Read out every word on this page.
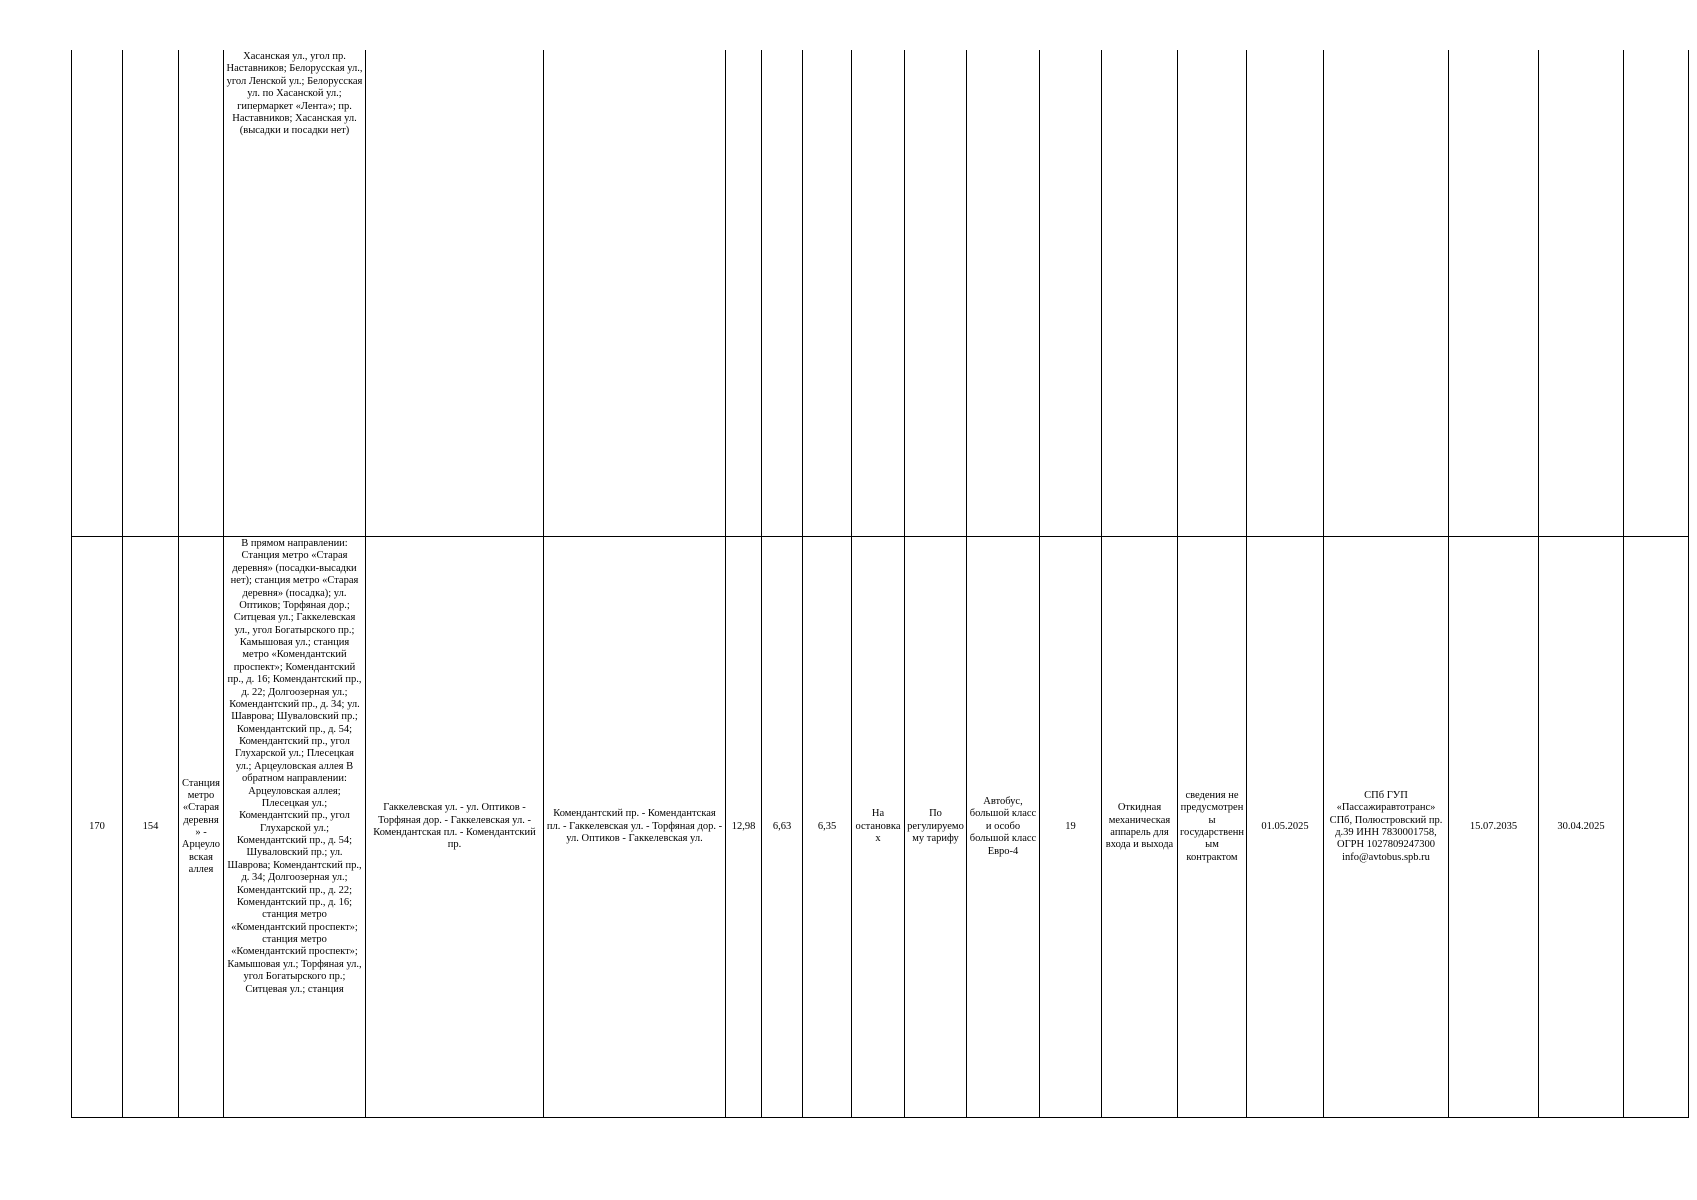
			Хасанская ул., угол пр. Наставников; Белорусская ул., угол Ленской ул.; Белорусская ул. по Хасанской ул.; гипермаркет «Лента»; пр. Наставников; Хасанская ул. (высадки и посадки нет)																
170	154	Станция метро «Старая деревня» - Арцеуловская аллея	В прямом направлении: Станция метро «Старая деревня» (посадки-высадки нет); станция метро «Старая деревня» (посадка); ул. Оптиков; Торфяная дор.; Ситцевая ул.; Гаккелевская ул., угол Богатырского пр.; Камышовая ул.; станция метро «Комендантский проспект»; Комендантский пр., д. 16; Комендантский пр., д. 22; Долгоозерная ул.; Комендантский пр., д. 34; ул. Шаврова; Шуваловский пр.; Комендантский пр., д. 54; Комендантский пр., угол Глухарской ул.; Плесецкая ул.; Арцеуловская аллея В обратном направлении: Арцеуловская аллея; Плесецкая ул.; Комендантский пр., угол Глухарской ул.; Комендантский пр., д. 54; Шуваловский пр.; ул. Шаврова; Комендантский пр., д. 34; Долгоозерная ул.; Комендантский пр., д. 22; Комендантский пр., д. 16; станция метро «Комендантский проспект»; станция метро «Комендантский проспект»; Камышовая ул.; Торфяная ул., угол Богатырского пр.; Ситцевая ул.; станция	Гаккелевская ул. - ул. Оптиков - Торфяная дор. - Гаккелевская ул. - Комендантская пл. - Комендантский пр.	Комендантский пр. - Комендантская пл. - Гаккелевская ул. - Торфяная дор. - ул. Оптиков - Гаккелевская ул.	12,98	6,63	6,35	На остановках	По регулируемому тарифу	Автобус, большой класс и особо большой класс Евро-4	19	Откидная механическая аппарель для входа и выхода	сведения не предусмотрены государственным контрактом	01.05.2025	СПб ГУП «Пассажиравтотранс» СПб, Полюстровский пр. д.39 ИНН 7830001758, ОГРН 1027809247300 info@avtobus.spb.ru	15.07.2035	30.04.2025	
